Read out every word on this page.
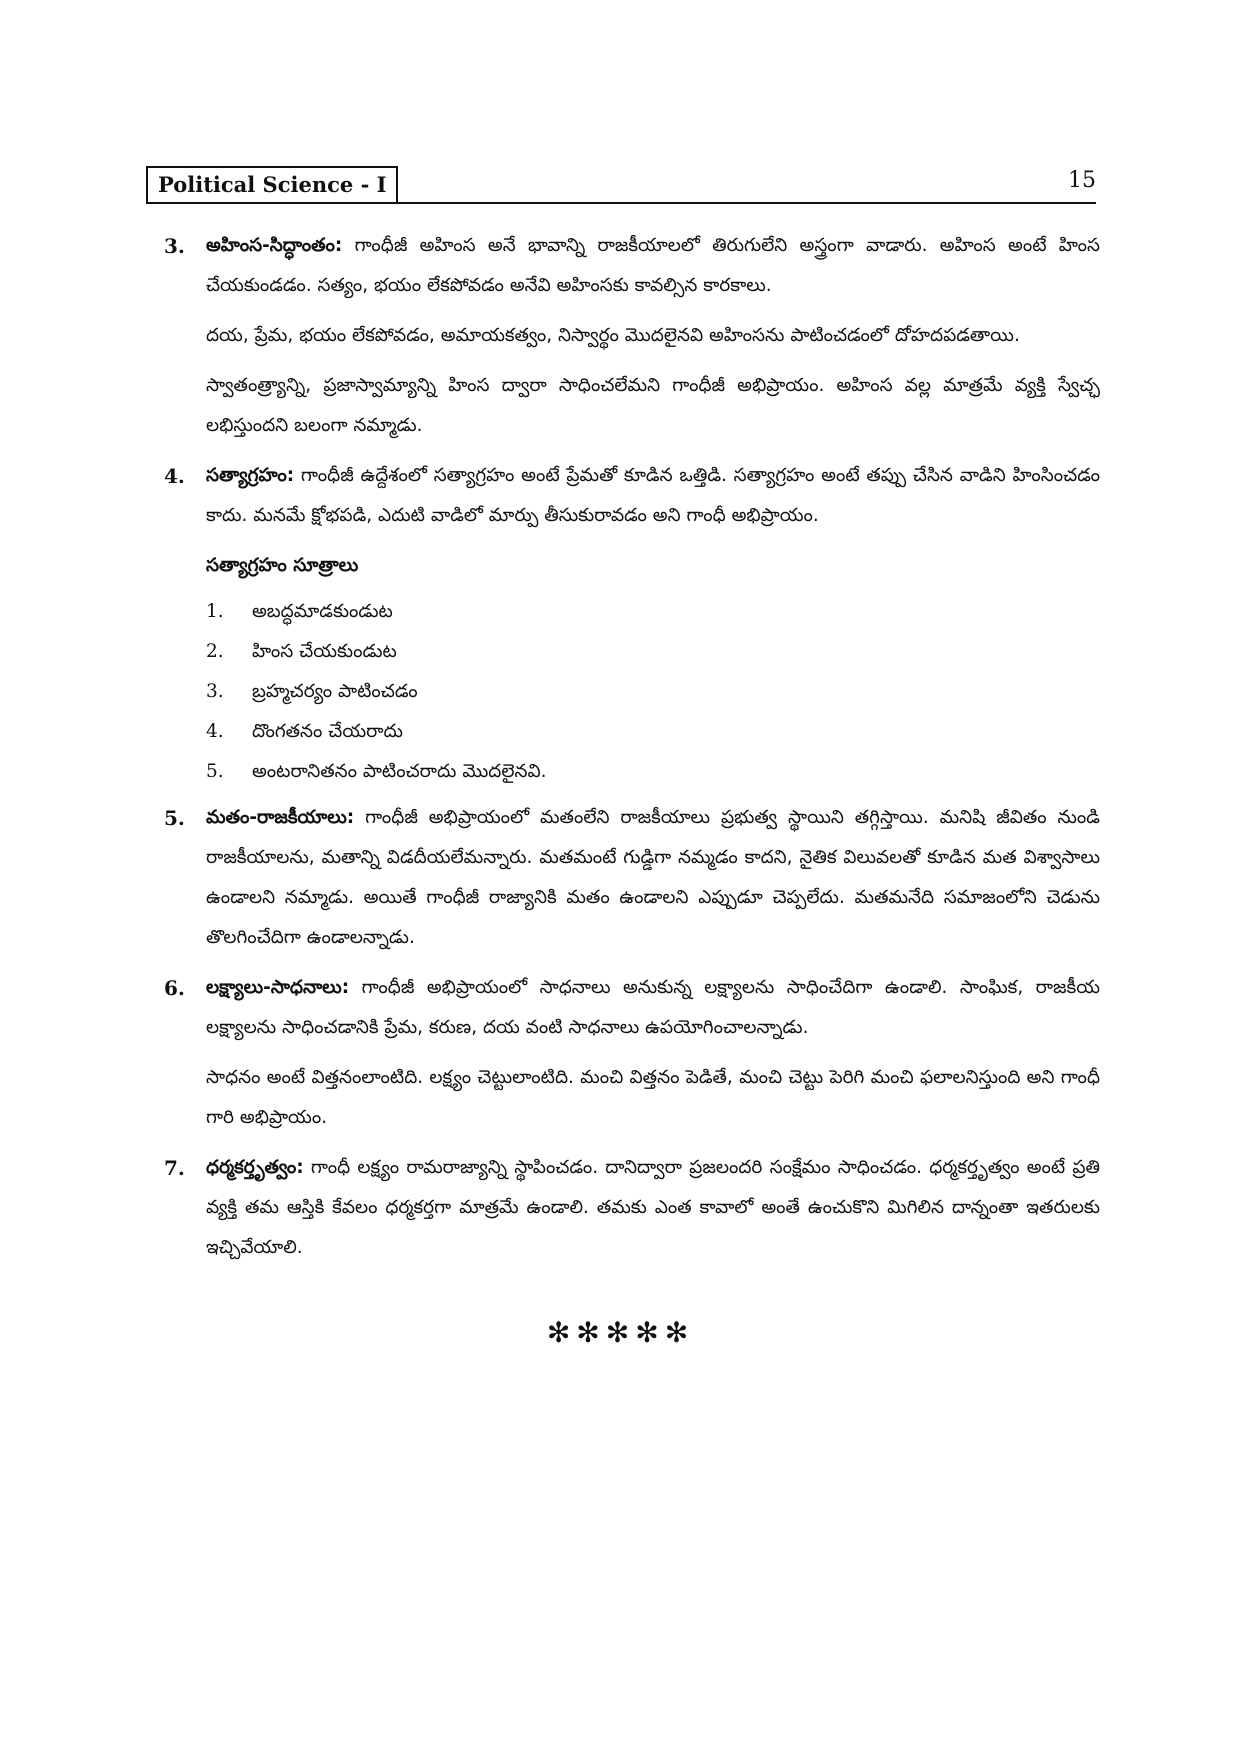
Political Science - I	15
3. అహింస-సిద్ధాంతం: గాంధీజీ అహింస అనే భావాన్ని రాజకీయాలలో తిరుగులేని అస్త్రంగా వాడారు. అహింస అంటే హింస చేయకుండడం. సత్యం, భయం లేకపోవడం అనేవి అహింసకు కావల్సిన కారకాలు.

దయ, ప్రేమ, భయం లేకపోవడం, అమాయకత్వం, నిస్వార్థం మొదలైనవి అహింసను పాటించడంలో దోహదపడతాయి.

స్వాతంత్ర్యాన్ని, ప్రజాస్వామ్యాన్ని హింస ద్వారా సాధించలేమని గాంధీజీ అభిప్రాయం. అహింస వల్ల మాత్రమే వ్యక్తి స్వేచ్ఛ లభిస్తుందని బలంగా నమ్మాడు.

4. సత్యాగ్రహం: గాంధీజీ ఉద్దేశంలో సత్యాగ్రహం అంటే ప్రేమతో కూడిన ఒత్తిడి. సత్యాగ్రహం అంటే తప్పు చేసిన వాడిని హింసించడం కాదు. మనమే క్షోభపడి, ఎదుటి వాడిలో మార్పు తీసుకురావడం అని గాంధీ అభిప్రాయం.

సత్యాగ్రహం సూత్రాలు
1. అబద్ధమాడకుండుట
2. హింస చేయకుండుట
3. బ్రహ్మచర్యం పాటించడం
4. దొంగతనం చేయరాదు
5. అంటరానితనం పాటించరాదు మొదలైనవి.
5. మతం-రాజకీయాలు: గాంధీజీ అభిప్రాయంలో మతంలేని రాజకీయాలు ప్రభుత్వ స్థాయిని తగ్గిస్తాయి. మనిషి జీవితం నుండి రాజకీయాలను, మతాన్ని విడదీయలేమన్నారు. మతమంటే గుడ్డిగా నమ్మడం కాదని, నైతిక విలువలతో కూడిన మత విశ్వాసాలు ఉండాలని నమ్మాడు. అయితే గాంధీజీ రాజ్యానికి మతం ఉండాలని ఎప్పుడూ చెప్పలేదు. మతమనేది సమాజంలోని చెడును తొలగించేదిగా ఉండాలన్నాడు.

6. లక్ష్యాలు-సాధనాలు: గాంధీజీ అభిప్రాయంలో సాధనాలు అనుకున్న లక్ష్యాలను సాధించేదిగా ఉండాలి. సాంఘిక, రాజకీయ లక్ష్యాలను సాధించడానికి ప్రేమ, కరుణ, దయ వంటి సాధనాలు ఉపయోగించాలన్నాడు.

సాధనం అంటే విత్తనంలాంటిది. లక్ష్యం చెట్టులాంటిది. మంచి విత్తనం పెడితే, మంచి చెట్టు పెరిగి మంచి ఫలాలనిస్తుంది అని గాంధీ గారి అభిప్రాయం.

7. ధర్మకర్తృత్వం: గాంధీ లక్ష్యం రామరాజ్యాన్ని స్థాపించడం. దానిద్వారా ప్రజలందరి సంక్షేమం సాధించడం. ధర్మకర్తృత్వం అంటే ప్రతి వ్యక్తి తమ ఆస్తికి కేవలం ధర్మకర్తగా మాత్రమే ఉండాలి. తమకు ఎంత కావాలో అంతే ఉంచుకొని మిగిలిన దాన్నంతా ఇతరులకు ఇచ్చివేయాలి.

✻✻✻✻✻
